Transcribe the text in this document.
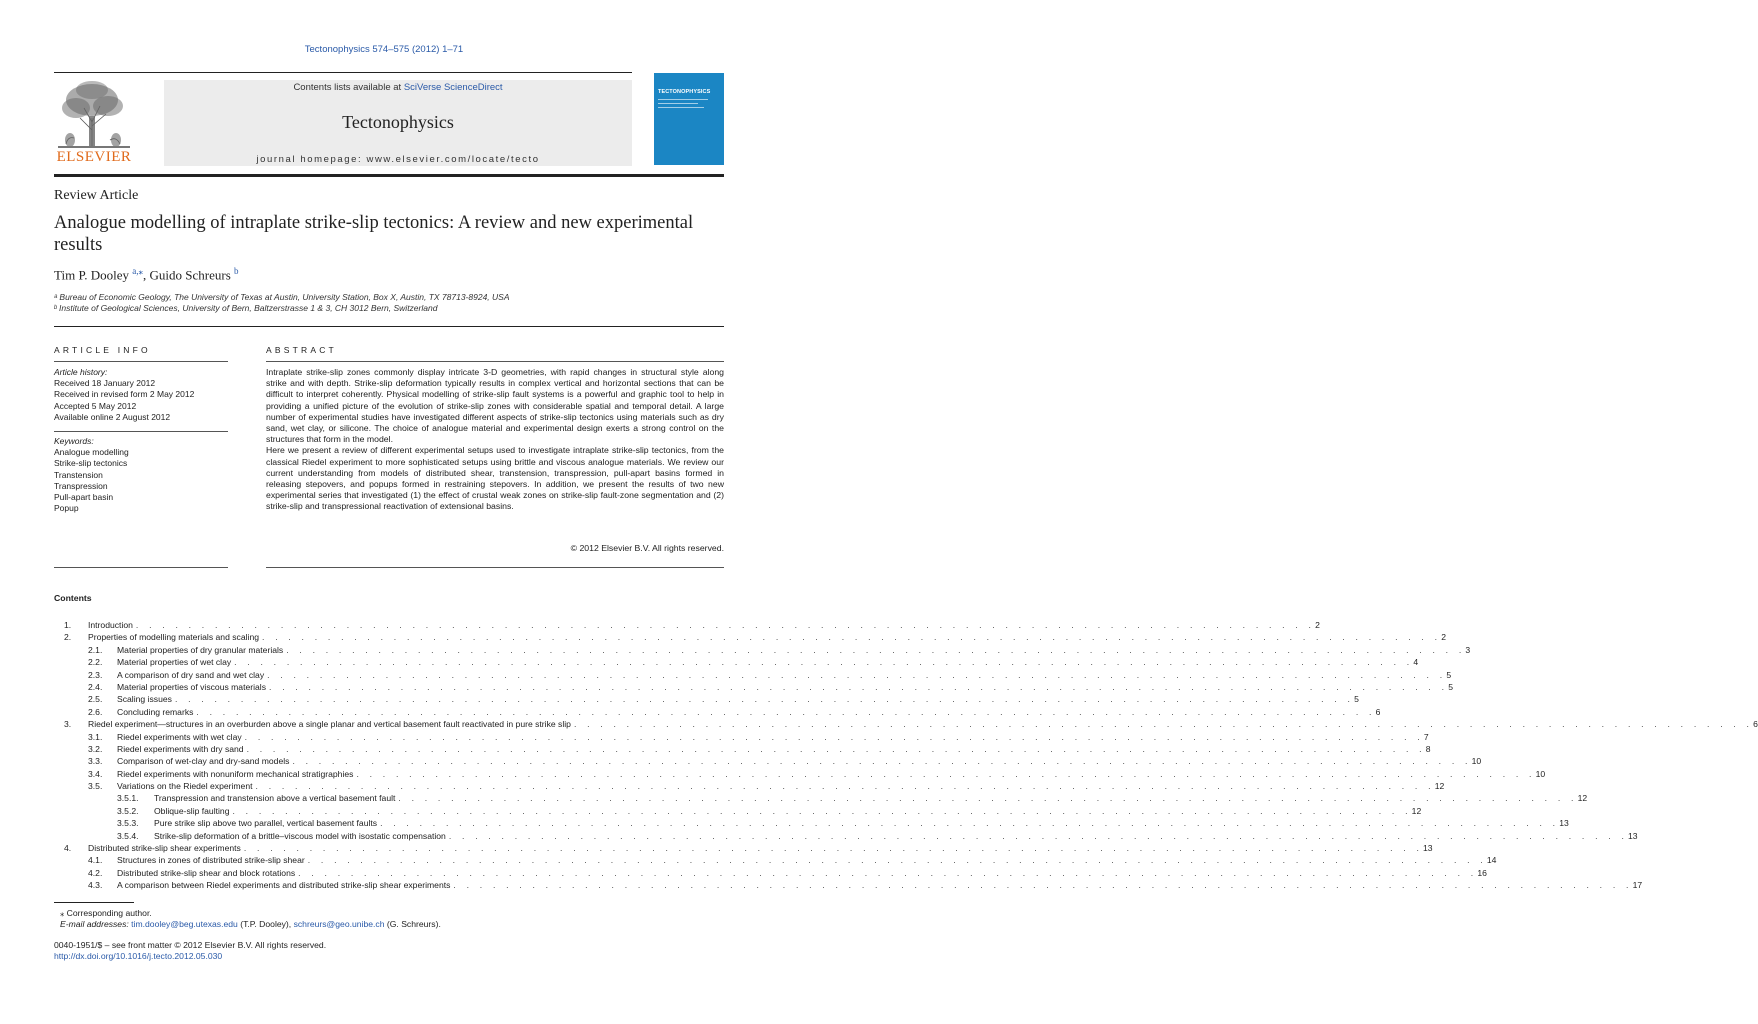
Tectonophysics 574–575 (2012) 1–71
ELSEVIER
Contents lists available at SciVerse ScienceDirect
Tectonophysics
journal homepage: www.elsevier.com/locate/tecto
TECTONOPHYSICS
Review Article
Analogue modelling of intraplate strike-slip tectonics: A review and new experimental results
Tim P. Dooley $^{a,⁎}$, Guido Schreurs $^b$
ᵃ Bureau of Economic Geology, The University of Texas at Austin, University Station, Box X, Austin, TX 78713-8924, USA
ᵇ Institute of Geological Sciences, University of Bern, Baltzerstrasse 1 & 3, CH 3012 Bern, Switzerland
ARTICLE INFO	ABSTRACT
Article history:
Received 18 January 2012
Received in revised form 2 May 2012
Accepted 5 May 2012
Available online 2 August 2012
Keywords:
Analogue modelling
Strike-slip tectonics
Transtension
Transpression
Pull-apart basin
Popup

Intraplate strike-slip zones commonly display intricate 3-D geometries, with rapid changes in structural style along strike and with depth. Strike-slip deformation typically results in complex vertical and horizontal sections that can be difficult to interpret coherently. Physical modelling of strike-slip fault systems is a powerful and graphic tool to help in providing a unified picture of the evolution of strike-slip zones with considerable spatial and temporal detail. A large number of experimental studies have investigated different aspects of strike-slip tectonics using materials such as dry sand, wet clay, or silicone. The choice of analogue material and experimental design exerts a strong control on the structures that form in the model.

Here we present a review of different experimental setups used to investigate intraplate strike-slip tectonics, from the classical Riedel experiment to more sophisticated setups using brittle and viscous analogue materials. We review our current understanding from models of distributed shear, transtension, transpression, pull-apart basins formed in releasing stepovers, and popups formed in restraining stepovers. In addition, we present the results of two new experimental series that investigated (1) the effect of crustal weak zones on strike-slip fault-zone segmentation and (2) strike-slip and transpressional reactivation of extensional basins.

© 2012 Elsevier B.V. All rights reserved.
Contents
1. Introduction . . . . . . . . . . . . . . . . . . . . . . . . . . . . . . . . . . . . . . . . . . . . . . . . . . . . . . . . . . . . . . . . . . . . . . . . . . . . . . . . . . . . . . . . . . 2
2. Properties of modelling materials and scaling . . . . . . . . . . . . . . . . . . . . . . . . . . . . . . . . . . . . . . . . . . . . . . . . . . . . . . . . . . . . . . . . . . . . . . . . . . . . . . . . . . . . . . . . . . 2
2.1. Material properties of dry granular materials . . . . . . . . . . . . . . . . . . . . . . . . . . . . . . . . . . . . . . . . . . . . . . . . . . . . . . . . . . . . . . . . . . . . . . . . . . . . . . . . . . . . . . . . . . 3
2.2. Material properties of wet clay . . . . . . . . . . . . . . . . . . . . . . . . . . . . . . . . . . . . . . . . . . . . . . . . . . . . . . . . . . . . . . . . . . . . . . . . . . . . . . . . . . . . . . . . . . 4
2.3. A comparison of dry sand and wet clay . . . . . . . . . . . . . . . . . . . . . . . . . . . . . . . . . . . . . . . . . . . . . . . . . . . . . . . . . . . . . . . . . . . . . . . . . . . . . . . . . . . . . . . . . . 5
2.4. Material properties of viscous materials . . . . . . . . . . . . . . . . . . . . . . . . . . . . . . . . . . . . . . . . . . . . . . . . . . . . . . . . . . . . . . . . . . . . . . . . . . . . . . . . . . . . . . . . . . 5
2.5. Scaling issues . . . . . . . . . . . . . . . . . . . . . . . . . . . . . . . . . . . . . . . . . . . . . . . . . . . . . . . . . . . . . . . . . . . . . . . . . . . . . . . . . . . . . . . . . . 5
2.6. Concluding remarks . . . . . . . . . . . . . . . . . . . . . . . . . . . . . . . . . . . . . . . . . . . . . . . . . . . . . . . . . . . . . . . . . . . . . . . . . . . . . . . . . . . . . . . . . . 6
3. Riedel experiment—structures in an overburden above a single planar and vertical basement fault reactivated in pure strike slip . . . . . . . . . . . . . . . . . . . . . . . . . . . . . . . . . . . . . . . . . . . . . . . . . . . . . . . . . . . . . . . . . . . . . . . . . . . . . . . . . . . . . . . . . . 6
3.1. Riedel experiments with wet clay . . . . . . . . . . . . . . . . . . . . . . . . . . . . . . . . . . . . . . . . . . . . . . . . . . . . . . . . . . . . . . . . . . . . . . . . . . . . . . . . . . . . . . . . . . 7
3.2. Riedel experiments with dry sand . . . . . . . . . . . . . . . . . . . . . . . . . . . . . . . . . . . . . . . . . . . . . . . . . . . . . . . . . . . . . . . . . . . . . . . . . . . . . . . . . . . . . . . . . . 8
3.3. Comparison of wet-clay and dry-sand models . . . . . . . . . . . . . . . . . . . . . . . . . . . . . . . . . . . . . . . . . . . . . . . . . . . . . . . . . . . . . . . . . . . . . . . . . . . . . . . . . . . . . . . . . . 10
3.4. Riedel experiments with nonuniform mechanical stratigraphies . . . . . . . . . . . . . . . . . . . . . . . . . . . . . . . . . . . . . . . . . . . . . . . . . . . . . . . . . . . . . . . . . . . . . . . . . . . . . . . . . . . . . . . . . . 10
3.5. Variations on the Riedel experiment . . . . . . . . . . . . . . . . . . . . . . . . . . . . . . . . . . . . . . . . . . . . . . . . . . . . . . . . . . . . . . . . . . . . . . . . . . . . . . . . . . . . . . . . . . 12
3.5.1. Transpression and transtension above a vertical basement fault . . . . . . . . . . . . . . . . . . . . . . . . . . . . . . . . . . . . . . . . . . . . . . . . . . . . . . . . . . . . . . . . . . . . . . . . . . . . . . . . . . . . . . . . . . 12
3.5.2. Oblique-slip faulting . . . . . . . . . . . . . . . . . . . . . . . . . . . . . . . . . . . . . . . . . . . . . . . . . . . . . . . . . . . . . . . . . . . . . . . . . . . . . . . . . . . . . . . . . . 12
3.5.3. Pure strike slip above two parallel, vertical basement faults . . . . . . . . . . . . . . . . . . . . . . . . . . . . . . . . . . . . . . . . . . . . . . . . . . . . . . . . . . . . . . . . . . . . . . . . . . . . . . . . . . . . . . . . . . 13
3.5.4. Strike-slip deformation of a brittle–viscous model with isostatic compensation . . . . . . . . . . . . . . . . . . . . . . . . . . . . . . . . . . . . . . . . . . . . . . . . . . . . . . . . . . . . . . . . . . . . . . . . . . . . . . . . . . . . . . . . . . 13
4. Distributed strike-slip shear experiments . . . . . . . . . . . . . . . . . . . . . . . . . . . . . . . . . . . . . . . . . . . . . . . . . . . . . . . . . . . . . . . . . . . . . . . . . . . . . . . . . . . . . . . . . . 13
4.1. Structures in zones of distributed strike-slip shear . . . . . . . . . . . . . . . . . . . . . . . . . . . . . . . . . . . . . . . . . . . . . . . . . . . . . . . . . . . . . . . . . . . . . . . . . . . . . . . . . . . . . . . . . . 14
4.2. Distributed strike-slip shear and block rotations . . . . . . . . . . . . . . . . . . . . . . . . . . . . . . . . . . . . . . . . . . . . . . . . . . . . . . . . . . . . . . . . . . . . . . . . . . . . . . . . . . . . . . . . . . 16
4.3. A comparison between Riedel experiments and distributed strike-slip shear experiments . . . . . . . . . . . . . . . . . . . . . . . . . . . . . . . . . . . . . . . . . . . . . . . . . . . . . . . . . . . . . . . . . . . . . . . . . . . . . . . . . . . . . . . . . . 17
⁎ Corresponding author.
E-mail addresses: tim.dooley@beg.utexas.edu (T.P. Dooley), schreurs@geo.unibe.ch (G. Schreurs).
0040-1951/$ – see front matter © 2012 Elsevier B.V. All rights reserved.
http://dx.doi.org/10.1016/j.tecto.2012.05.030
